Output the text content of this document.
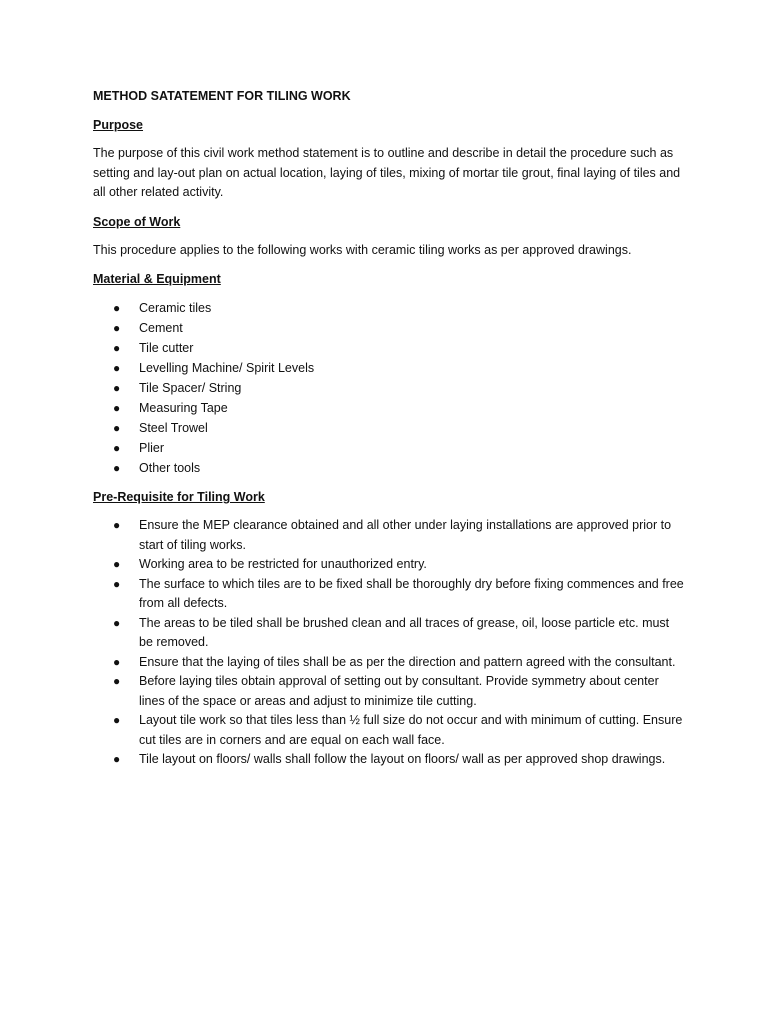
METHOD SATATEMENT FOR TILING WORK
Purpose
The purpose of this civil work method statement is to outline and describe in detail the procedure such as setting and lay-out plan on actual location, laying of tiles, mixing of mortar tile grout, final laying of tiles and all other related activity.
Scope of Work
This procedure applies to the following works with ceramic tiling works as per approved drawings.
Material & Equipment
● Ceramic tiles
● Cement
● Tile cutter
● Levelling Machine/ Spirit Levels
● Tile Spacer/ String
● Measuring Tape
● Steel Trowel
● Plier
● Other tools
Pre-Requisite for Tiling Work
● Ensure the MEP clearance obtained and all other under laying installations are approved prior to start of tiling works.
● Working area to be restricted for unauthorized entry.
● The surface to which tiles are to be fixed shall be thoroughly dry before fixing commences and free from all defects.
● The areas to be tiled shall be brushed clean and all traces of grease, oil, loose particle etc. must be removed.
● Ensure that the laying of tiles shall be as per the direction and pattern agreed with the consultant.
● Before laying tiles obtain approval of setting out by consultant. Provide symmetry about center lines of the space or areas and adjust to minimize tile cutting.
● Layout tile work so that tiles less than ½ full size do not occur and with minimum of cutting. Ensure cut tiles are in corners and are equal on each wall face.
● Tile layout on floors/ walls shall follow the layout on floors/ wall as per approved shop drawings.
